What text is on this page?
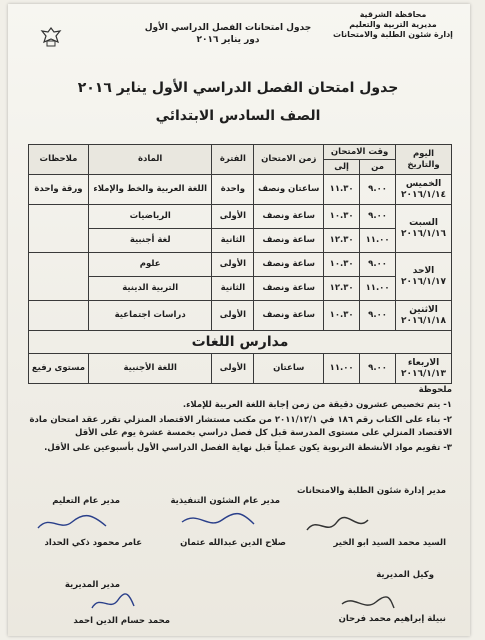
محافظة الشرقية
مديرية التربية والتعليم
إدارة شئون الطلبة والامتحانات
جدول امتحانات الفصل الدراسي الأول
دور يناير ٢٠١٦
جدول امتحان الفصل الدراسي الأول يناير ٢٠١٦
الصف السادس الابتدائي
اليوم والتاريخ	وقت الامتحان		زمن الامتحان	الفترة	المادة	ملاحظات
	من	إلى				

الخميس
٢٠١٦/١/١٤	٩.٠٠	١١.٣٠	ساعتان ونصف	واحدة	اللغة العربية والخط والإملاء	ورقة واحدة

السبت
٢٠١٦/١/١٦	٩.٠٠	١٠.٣٠	ساعة ونصف	الأولى	الرياضيات	
	١١.٠٠	١٢.٣٠	ساعة ونصف	الثانية	لغة أجنبية	

الاحد
٢٠١٦/١/١٧	٩.٠٠	١٠.٣٠	ساعة ونصف	الأولى	علوم	
	١١.٠٠	١٢.٣٠	ساعة ونصف	الثانية	التربية الدينية	

الاثنين
٢٠١٦/١/١٨	٩.٠٠	١٠.٣٠	ساعة ونصف	الأولى	دراسات اجتماعية	
مدارس اللغات						

الاربعاء
٢٠١٦/١/١٣	٩.٠٠	١١.٠٠	ساعتان	الأولى	اللغة الأجنبية	مستوى رفيع
ملحوظة
١- يتم تخصيص عشرون دقيقة من زمن إجابة اللغة العربية للإملاء.
٢- بناء على الكتاب رقم ١٨٦ في ٢٠١١/١٢/١ من مكتب مستشار الاقتصاد المنزلي تقرر عقد امتحان مادة الاقتصاد المنزلي على مستوى المدرسة قبل كل فصل دراسي بخمسة عشرة يوم على الأقل
٣- تقويم مواد الأنشطة التربوية يكون عملياً قبل نهاية الفصل الدراسي الأول بأسبوعين على الأقل.
مدير إدارة شئون الطلبة والامتحانات
مدير عام الشئون التنفيذية
مدير عام التعليم
السيد محمد السيد ابو الخير
صلاح الدين عبدالله عثمان
عامر محمود ذكي الحداد
وكيل المديرية
مدير المديرية
نبيلة إبراهيم محمد فرحان
محمد حسام الدين احمد
